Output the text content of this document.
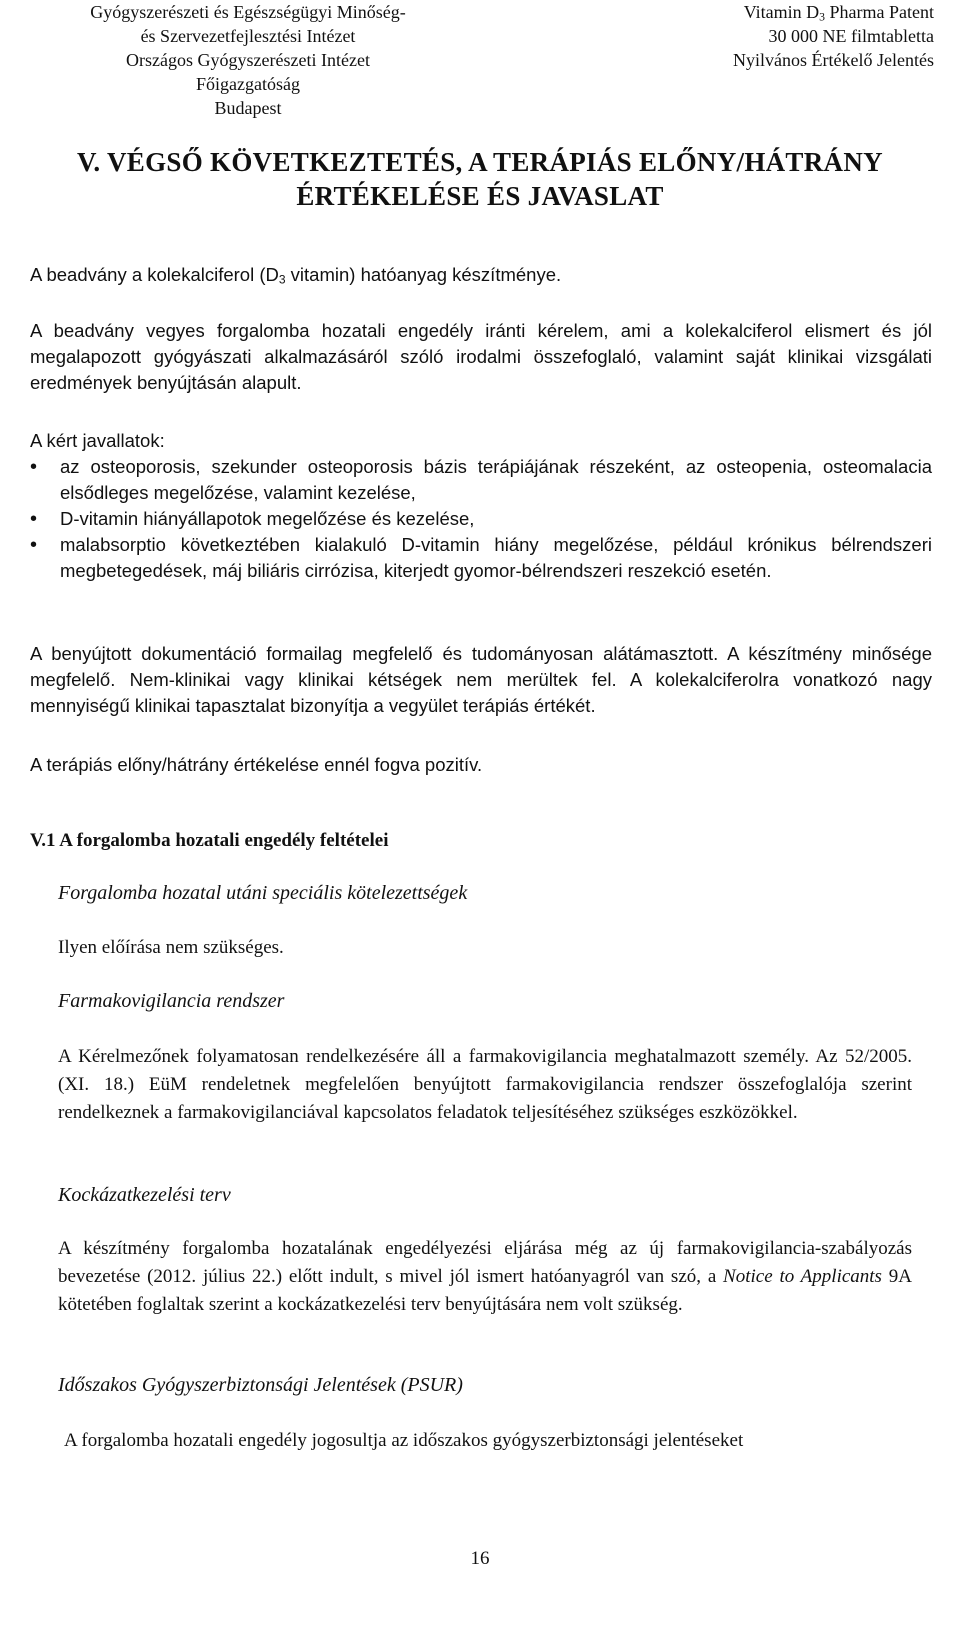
Gyógyszerészeti és Egészségügyi Minőség-
és Szervezetfejlesztési Intézet
Országos Gyógyszerészeti Intézet
Főigazgatóság
Budapest
Vitamin $D_3$ Pharma Patent
30 000 NE filmtabletta
Nyilvános Értékelő Jelentés
V. VÉGSŐ KÖVETKEZTETÉS, A TERÁPIÁS ELŐNY/HÁTRÁNY
ÉRTÉKELÉSE ÉS JAVASLAT
A beadvány a kolekalciferol ($D_3$ vitamin) hatóanyag készítménye.
A beadvány vegyes forgalomba hozatali engedély iránti kérelem, ami a kolekalciferol elismert és jól megalapozott gyógyászati alkalmazásáról szóló irodalmi összefoglaló, valamint saját klinikai vizsgálati eredmények benyújtásán alapult.
A kért javallatok:
• az osteoporosis, szekunder osteoporosis bázis terápiájának részeként, az osteopenia, osteomalacia elsődleges megelőzése, valamint kezelése,
• D-vitamin hiányállapotok megelőzése és kezelése,
• malabsorptio következtében kialakuló D-vitamin hiány megelőzése, például krónikus bélrendszeri megbetegedések, máj biliáris cirrózisa, kiterjedt gyomor-bélrendszeri reszekció esetén.
A benyújtott dokumentáció formailag megfelelő és tudományosan alátámasztott. A készítmény minősége megfelelő. Nem-klinikai vagy klinikai kétségek nem merültek fel. A kolekalciferolra vonatkozó nagy mennyiségű klinikai tapasztalat bizonyítja a vegyület terápiás értékét.
A terápiás előny/hátrány értékelése ennél fogva pozitív.
V.1 A forgalomba hozatali engedély feltételei
Forgalomba hozatal utáni speciális kötelezettségek
Ilyen előírása nem szükséges.
Farmakovigilancia rendszer
A Kérelmezőnek folyamatosan rendelkezésére áll a farmakovigilancia meghatalmazott személy. Az 52/2005. (XI. 18.) EüM rendeletnek megfelelően benyújtott farmakovigilancia rendszer összefoglalója szerint rendelkeznek a farmakovigilanciával kapcsolatos feladatok teljesítéséhez szükséges eszközökkel.
Kockázatkezelési terv
A készítmény forgalomba hozatalának engedélyezési eljárása még az új farmakovigilancia-szabályozás bevezetése (2012. július 22.) előtt indult, s mivel jól ismert hatóanyagról van szó, a Notice to Applicants 9A kötetében foglaltak szerint a kockázatkezelési terv benyújtására nem volt szükség.
Időszakos Gyógyszerbiztonsági Jelentések (PSUR)
A forgalomba hozatali engedély jogosultja az időszakos gyógyszerbiztonsági jelentéseket
16
